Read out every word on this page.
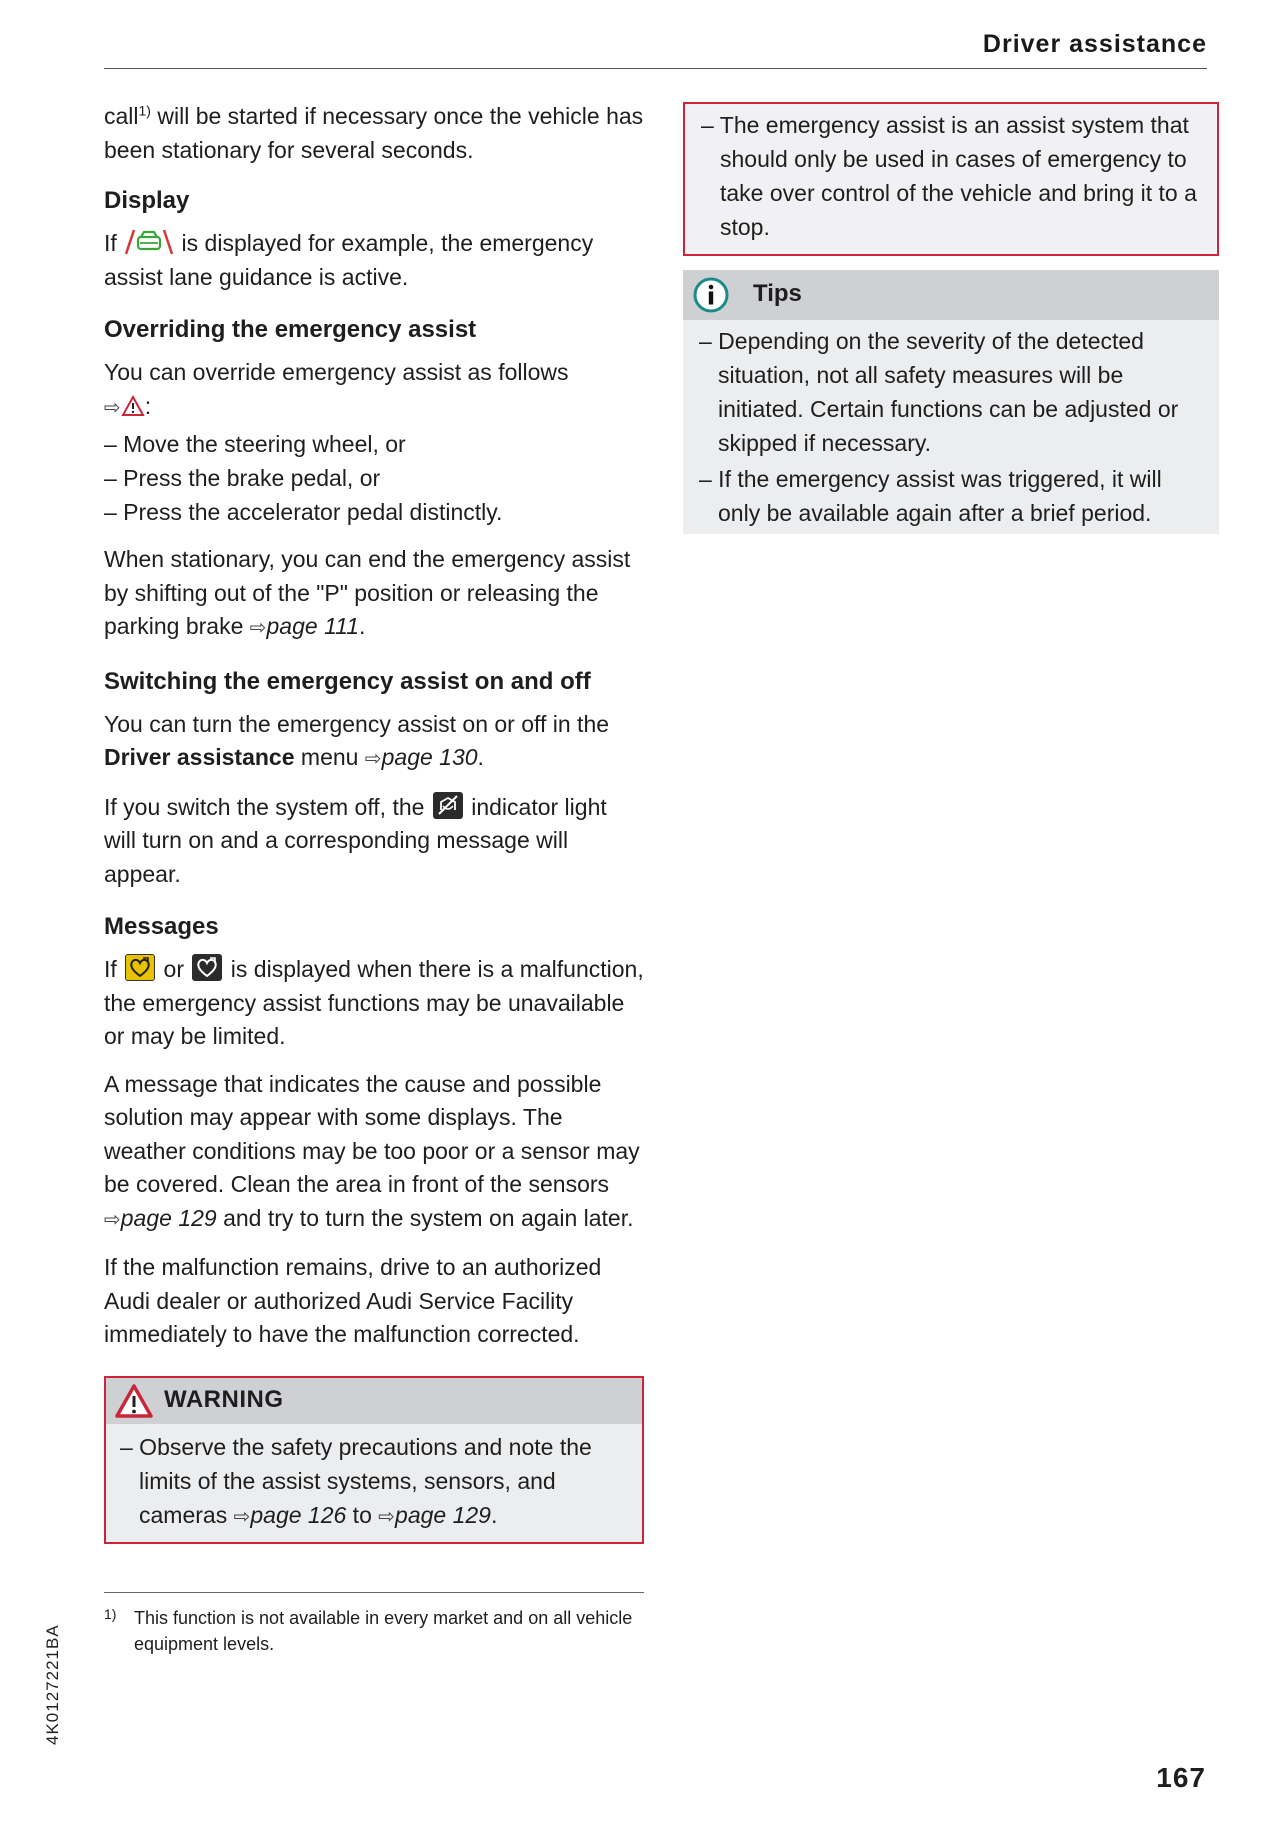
Driver assistance

call$^{1)}$ will be started if necessary once the vehicle has been stationary for several seconds.

Display

If  is displayed for example, the emergency assist lane guidance is active.

Overriding the emergency assist

You can override emergency assist as follows

⇨ :

– Move the steering wheel, or
– Press the brake pedal, or
– Press the accelerator pedal distinctly.

When stationary, you can end the emergency assist by shifting out of the "P" position or releasing the parking brake ⇨page 111.

Switching the emergency assist on and off

You can turn the emergency assist on or off in the Driver assistance menu ⇨page 130.

If you switch the system off, the
indicator light will turn on and a corresponding message will appear.

Messages

If
or
is displayed when there is a malfunction, the emergency assist functions may be unavailable or may be limited.

A message that indicates the cause and possible solution may appear with some displays. The weather conditions may be too poor or a sensor may be covered. Clean the area in front of the sensors ⇨page 129 and try to turn the system on again later.

If the malfunction remains, drive to an authorized Audi dealer or authorized Audi Service Facility immediately to have the malfunction corrected.

WARNING
– Observe the safety precautions and note the limits of the assist systems, sensors, and cameras ⇨page 126 to ⇨page 129.
1) This function is not available in every market and on all vehicle equipment levels.
– The emergency assist is an assist system that should only be used in cases of emergency to take over control of the vehicle and bring it to a stop.
Tips
– Depending on the severity of the detected situation, not all safety measures will be initiated. Certain functions can be adjusted or skipped if necessary.
– If the emergency assist was triggered, it will only be available again after a brief period.
4K0127221BA
167
